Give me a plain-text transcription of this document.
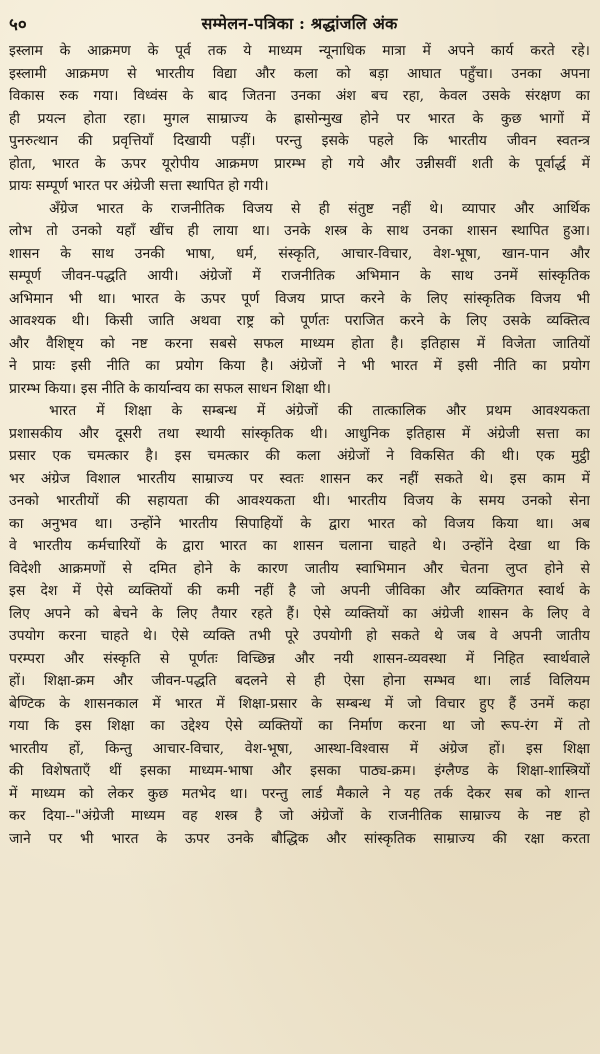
५०	सम्मेलन-पत्रिका : श्रद्धांजलि अंक
इस्लाम के आक्रमण के पूर्व तक ये माध्यम न्यूनाधिक मात्रा में अपने कार्य करते रहे।
इस्लामी आक्रमण से भारतीय विद्या और कला को बड़ा आघात पहुँचा। उनका अपना
विकास रुक गया। विध्वंस के बाद जितना उनका अंश बच रहा, केवल उसके संरक्षण का
ही प्रयत्न होता रहा। मुगल साम्राज्य के ह्रासोन्मुख होने पर भारत के कुछ भागों में
पुनरुत्थान की प्रवृत्तियाँ दिखायी पड़ीं। परन्तु इसके पहले कि भारतीय जीवन स्वतन्त्र
होता, भारत के ऊपर यूरोपीय आक्रमण प्रारम्भ हो गये और उन्नीसवीं शती के पूर्वार्द्ध में
प्रायः सम्पूर्ण भारत पर अंग्रेजी सत्ता स्थापित हो गयी।
अँग्रेज भारत के राजनीतिक विजय से ही संतुष्ट नहीं थे। व्यापार और आर्थिक
लोभ तो उनको यहाँ खींच ही लाया था। उनके शस्त्र के साथ उनका शासन स्थापित हुआ।
शासन के साथ उनकी भाषा, धर्म, संस्कृति, आचार-विचार, वेश-भूषा, खान-पान और
सम्पूर्ण जीवन-पद्धति आयी। अंग्रेजों में राजनीतिक अभिमान के साथ उनमें सांस्कृतिक
अभिमान भी था। भारत के ऊपर पूर्ण विजय प्राप्त करने के लिए सांस्कृतिक विजय भी
आवश्यक थी। किसी जाति अथवा राष्ट्र को पूर्णतः पराजित करने के लिए उसके व्यक्तित्व
और वैशिष्ट्य को नष्ट करना सबसे सफल माध्यम होता है। इतिहास में विजेता जातियों
ने प्रायः इसी नीति का प्रयोग किया है। अंग्रेजों ने भी भारत में इसी नीति का प्रयोग
प्रारम्भ किया। इस नीति के कार्यान्वय का सफल साधन शिक्षा थी।
भारत में शिक्षा के सम्बन्ध में अंग्रेजों की तात्कालिक और प्रथम आवश्यकता
प्रशासकीय और दूसरी तथा स्थायी सांस्कृतिक थी। आधुनिक इतिहास में अंग्रेजी सत्ता का
प्रसार एक चमत्कार है। इस चमत्कार की कला अंग्रेजों ने विकसित की थी। एक मुट्ठी
भर अंग्रेज विशाल भारतीय साम्राज्य पर स्वतः शासन कर नहीं सकते थे। इस काम में
उनको भारतीयों की सहायता की आवश्यकता थी। भारतीय विजय के समय उनको सेना
का अनुभव था। उन्होंने भारतीय सिपाहियों के द्वारा भारत को विजय किया था। अब
वे भारतीय कर्मचारियों के द्वारा भारत का शासन चलाना चाहते थे। उन्होंने देखा था कि
विदेशी आक्रमणों से दमित होने के कारण जातीय स्वाभिमान और चेतना लुप्त होने से
इस देश में ऐसे व्यक्तियों की कमी नहीं है जो अपनी जीविका और व्यक्तिगत स्वार्थ के
लिए अपने को बेचने के लिए तैयार रहते हैं। ऐसे व्यक्तियों का अंग्रेजी शासन के लिए वे
उपयोग करना चाहते थे। ऐसे व्यक्ति तभी पूरे उपयोगी हो सकते थे जब वे अपनी जातीय
परम्परा और संस्कृति से पूर्णतः विच्छिन्न और नयी शासन-व्यवस्था में निहित स्वार्थवाले
हों। शिक्षा-क्रम और जीवन-पद्धति बदलने से ही ऐसा होना सम्भव था। लार्ड विलियम
बेण्टिक के शासनकाल में भारत में शिक्षा-प्रसार के सम्बन्ध में जो विचार हुए हैं उनमें कहा
गया कि इस शिक्षा का उद्देश्य ऐसे व्यक्तियों का निर्माण करना था जो रूप-रंग में तो
भारतीय हों, किन्तु आचार-विचार, वेश-भूषा, आस्था-विश्वास में अंग्रेज हों। इस शिक्षा
की विशेषताएँ थीं इसका माध्यम-भाषा और इसका पाठ्य-क्रम। इंग्लैण्ड के शिक्षा-शास्त्रियों
में माध्यम को लेकर कुछ मतभेद था। परन्तु लार्ड मैकाले ने यह तर्क देकर सब को शान्त
कर दिया--"अंग्रेजी माध्यम वह शस्त्र है जो अंग्रेजों के राजनीतिक साम्राज्य के नष्ट हो
जाने पर भी भारत के ऊपर उनके बौद्धिक और सांस्कृतिक साम्राज्य की रक्षा करता
